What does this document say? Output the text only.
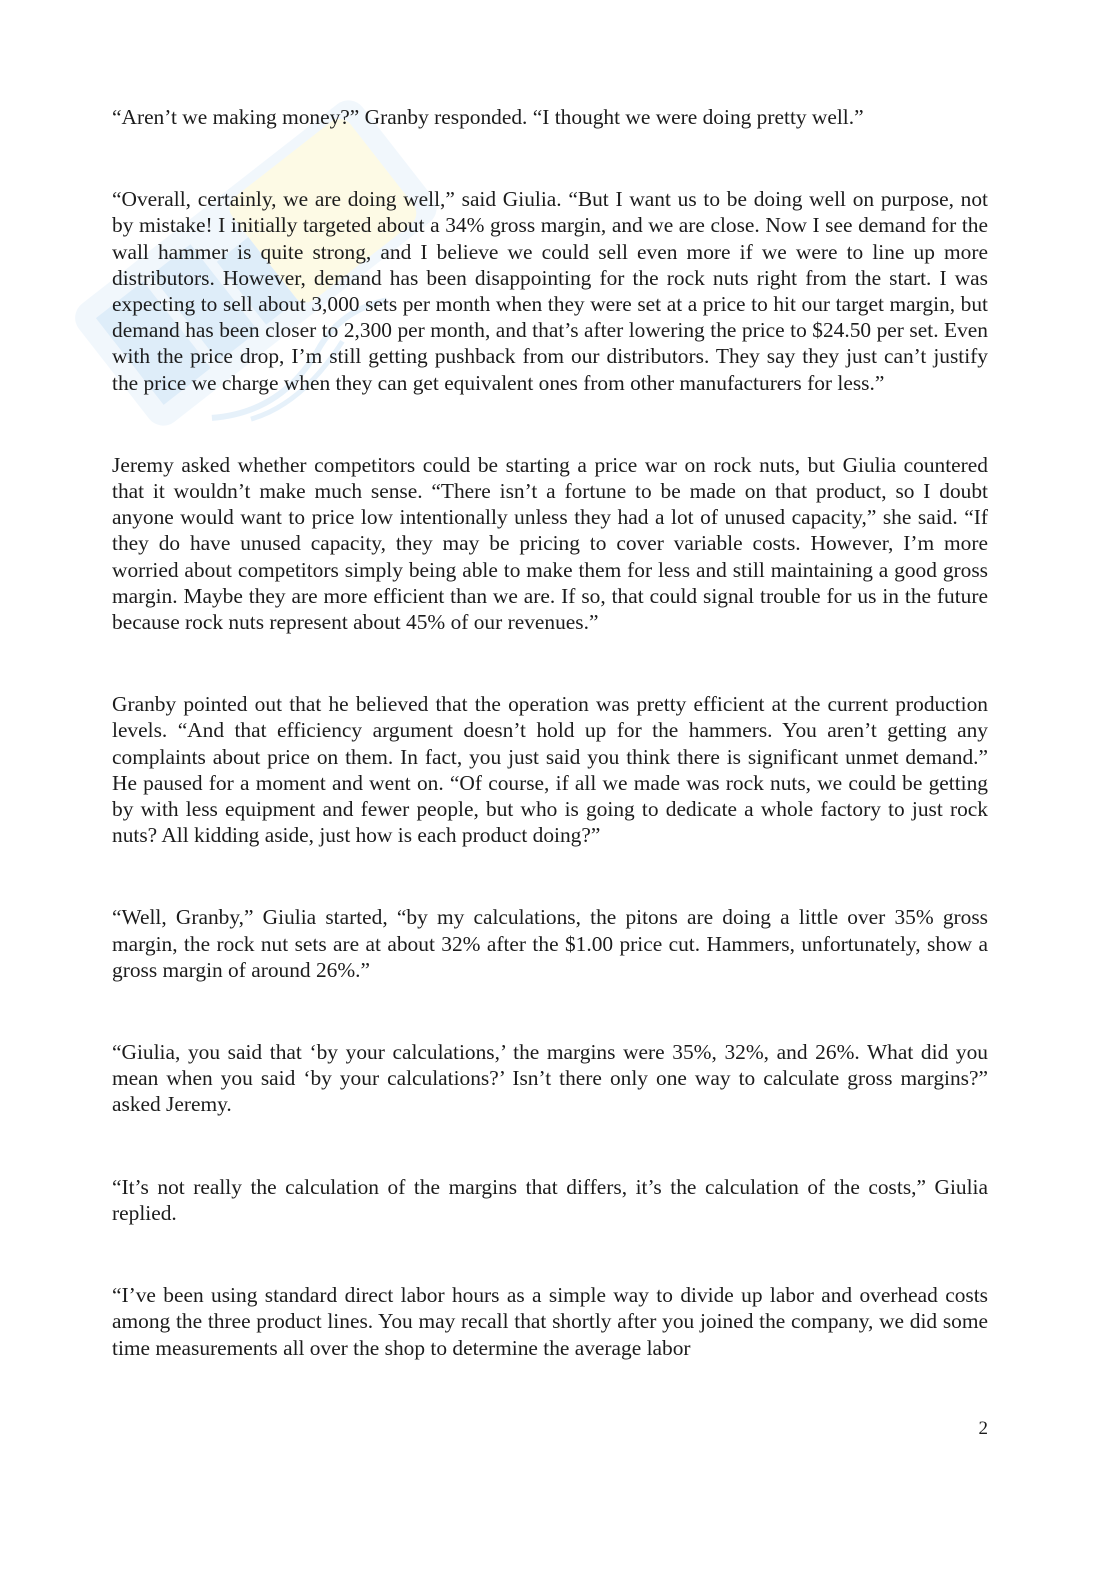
“Aren’t we making money?” Granby responded. “I thought we were doing pretty well.”

“Overall, certainly, we are doing well,” said Giulia. “But I want us to be doing well on purpose, not by mistake! I initially targeted about a 34% gross margin, and we are close. Now I see demand for the wall hammer is quite strong, and I believe we could sell even more if we were to line up more distributors. However, demand has been disappointing for the rock nuts right from the start. I was expecting to sell about 3,000 sets per month when they were set at a price to hit our target margin, but demand has been closer to 2,300 per month, and that’s after lowering the price to $24.50 per set. Even with the price drop, I’m still getting pushback from our distributors. They say they just can’t justify the price we charge when they can get equivalent ones from other manufacturers for less.”

Jeremy asked whether competitors could be starting a price war on rock nuts, but Giulia countered that it wouldn’t make much sense. “There isn’t a fortune to be made on that product, so I doubt anyone would want to price low intentionally unless they had a lot of unused capacity,” she said. “If they do have unused capacity, they may be pricing to cover variable costs. However, I’m more worried about competitors simply being able to make them for less and still maintaining a good gross margin. Maybe they are more efficient than we are. If so, that could signal trouble for us in the future because rock nuts represent about 45% of our revenues.”

Granby pointed out that he believed that the operation was pretty efficient at the current production levels. “And that efficiency argument doesn’t hold up for the hammers. You aren’t getting any complaints about price on them. In fact, you just said you think there is significant unmet demand.” He paused for a moment and went on. “Of course, if all we made was rock nuts, we could be getting by with less equipment and fewer people, but who is going to dedicate a whole factory to just rock nuts? All kidding aside, just how is each product doing?”

“Well, Granby,” Giulia started, “by my calculations, the pitons are doing a little over 35% gross margin, the rock nut sets are at about 32% after the $1.00 price cut. Hammers, unfortunately, show a gross margin of around 26%.”

“Giulia, you said that ‘by your calculations,’ the margins were 35%, 32%, and 26%. What did you mean when you said ‘by your calculations?’ Isn’t there only one way to calculate gross margins?” asked Jeremy.

“It’s not really the calculation of the margins that differs, it’s the calculation of the costs,” Giulia replied.

“I’ve been using standard direct labor hours as a simple way to divide up labor and overhead costs among the three product lines. You may recall that shortly after you joined the company, we did some time measurements all over the shop to determine the average labor

2
